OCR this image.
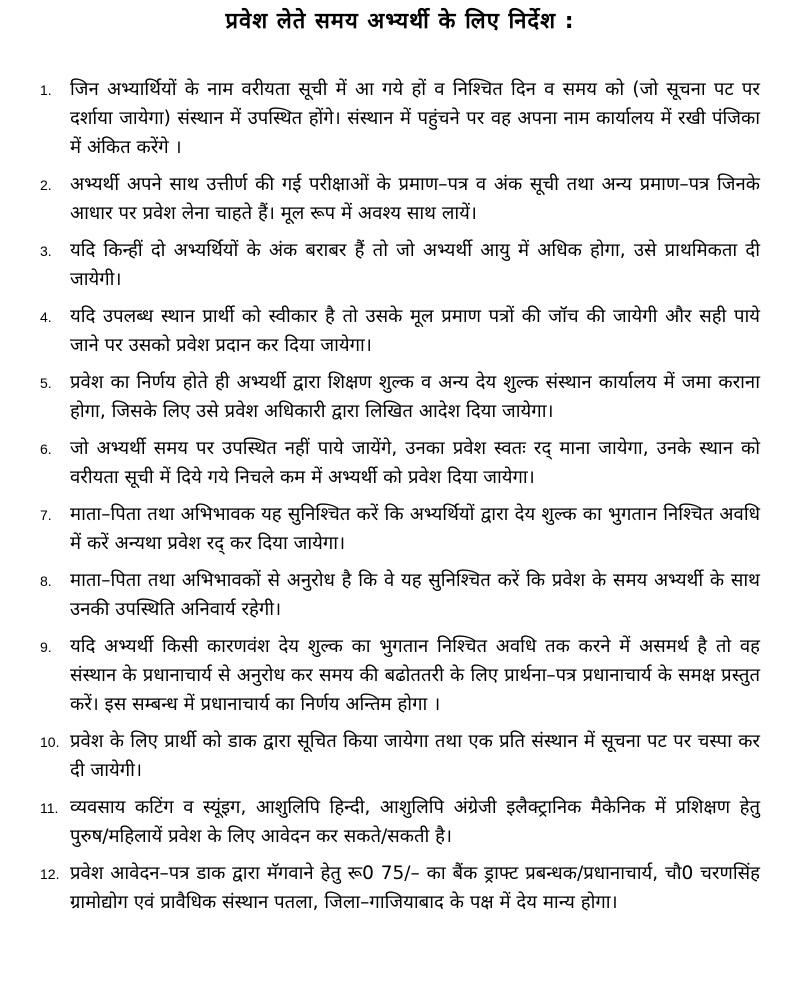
प्रवेश लेते समय अभ्यर्थी के लिए निर्देश :
1. जिन अभ्यार्थियों के नाम वरीयता सूची में आ गये हों व निश्चित दिन व समय को (जो सूचना पट पर दर्शाया जायेगा) संस्थान में उपस्थित होंगे। संस्थान में पहुंचने पर वह अपना नाम कार्यालय में रखी पंजिका में अंकित करेंगे ।
2. अभ्यर्थी अपने साथ उत्तीर्ण की गई परीक्षाओं के प्रमाण–पत्र व अंक सूची तथा अन्य प्रमाण–पत्र जिनके आधार पर प्रवेश लेना चाहते हैं। मूल रूप में अवश्य साथ लायें।
3. यदि किन्हीं दो अभ्यर्थियों के अंक बराबर हैं तो जो अभ्यर्थी आयु में अधिक होगा, उसे प्राथमिकता दी जायेगी।
4. यदि उपलब्ध स्थान प्रार्थी को स्वीकार है तो उसके मूल प्रमाण पत्रों की जॉच की जायेगी और सही पाये जाने पर उसको प्रवेश प्रदान कर दिया जायेगा।
5. प्रवेश का निर्णय होते ही अभ्यर्थी द्वारा शिक्षण शुल्क व अन्य देय शुल्क संस्थान कार्यालय में जमा कराना होगा, जिसके लिए उसे प्रवेश अधिकारी द्वारा लिखित आदेश दिया जायेगा।
6. जो अभ्यर्थी समय पर उपस्थित नहीं पाये जायेंगे, उनका प्रवेश स्वतः रद् माना जायेगा, उनके स्थान को वरीयता सूची में दिये गये निचले कम में अभ्यर्थी को प्रवेश दिया जायेगा।
7. माता–पिता तथा अभिभावक यह सुनिश्चित करें कि अभ्यर्थियों द्वारा देय शुल्क का भुगतान निश्चित अवधि में करें अन्यथा प्रवेश रद् कर दिया जायेगा।
8. माता–पिता तथा अभिभावकों से अनुरोध है कि वे यह सुनिश्चित करें कि प्रवेश के समय अभ्यर्थी के साथ उनकी उपस्थिति अनिवार्य रहेगी।
9. यदि अभ्यर्थी किसी कारणवंश देय शुल्क का भुगतान निश्चित अवधि तक करने में असमर्थ है तो वह संस्थान के प्रधानाचार्य से अनुरोध कर समय की बढोततरी के लिए प्रार्थना–पत्र प्रधानाचार्य के समक्ष प्रस्तुत करें। इस सम्बन्ध में प्रधानाचार्य का निर्णय अन्तिम होगा ।
10. प्रवेश के लिए प्रार्थी को डाक द्वारा सूचित किया जायेगा तथा एक प्रति संस्थान में सूचना पट पर चस्पा कर दी जायेगी।
11. व्यवसाय कटिंग व स्यूंइग, आशुलिपि हिन्दी, आशुलिपि अंग्रेजी इलैक्ट्रानिक मैकेनिक में प्रशिक्षण हेतु पुरुष/महिलायें प्रवेश के लिए आवेदन कर सकते/सकती है।
12. प्रवेश आवेदन–पत्र डाक द्वारा मॅगवाने हेतु रू0 75/– का बैंक ड्राफ्ट प्रबन्धक/प्रधानाचार्य, चौ0 चरणसिंह ग्रामोद्योग एवं प्रावैधिक संस्थान पतला, जिला–गाजियाबाद के पक्ष में देय मान्य होगा।
